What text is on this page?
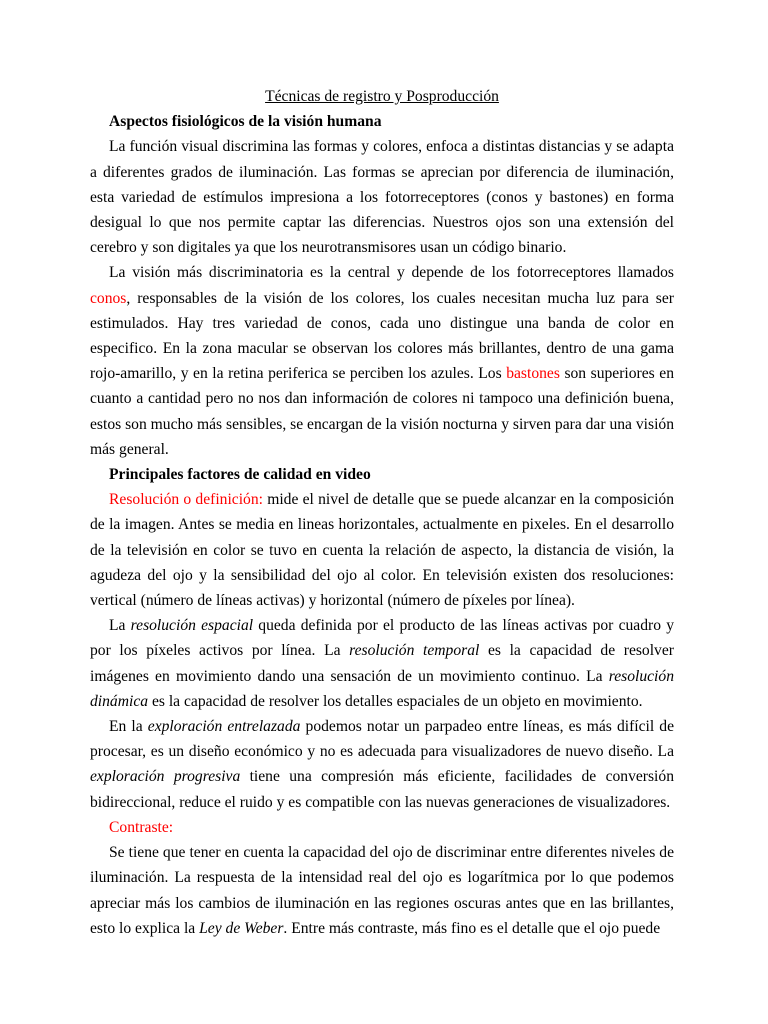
Técnicas de registro y Posproducción

Aspectos fisiológicos de la visión humana

La función visual discrimina las formas y colores, enfoca a distintas distancias y se adapta a diferentes grados de iluminación. Las formas se aprecian por diferencia de iluminación, esta variedad de estímulos impresiona a los fotorreceptores (conos y bastones) en forma desigual lo que nos permite captar las diferencias. Nuestros ojos son una extensión del cerebro y son digitales ya que los neurotransmisores usan un código binario.

La visión más discriminatoria es la central y depende de los fotorreceptores llamados conos, responsables de la visión de los colores, los cuales necesitan mucha luz para ser estimulados. Hay tres variedad de conos, cada uno distingue una banda de color en especifico. En la zona macular se observan los colores más brillantes, dentro de una gama rojo-amarillo, y en la retina periferica se perciben los azules. Los bastones son superiores en cuanto a cantidad pero no nos dan información de colores ni tampoco una definición buena, estos son mucho más sensibles, se encargan de la visión nocturna y sirven para dar una visión más general.

Principales factores de calidad en video

Resolución o definición: mide el nivel de detalle que se puede alcanzar en la composición de la imagen. Antes se media en lineas horizontales, actualmente en pixeles. En el desarrollo de la televisión en color se tuvo en cuenta la relación de aspecto, la distancia de visión, la agudeza del ojo y la sensibilidad del ojo al color. En televisión existen dos resoluciones: vertical (número de líneas activas) y horizontal (número de píxeles por línea).

La resolución espacial queda definida por el producto de las líneas activas por cuadro y por los píxeles activos por línea. La resolución temporal es la capacidad de resolver imágenes en movimiento dando una sensación de un movimiento continuo. La resolución dinámica es la capacidad de resolver los detalles espaciales de un objeto en movimiento.

En la exploración entrelazada podemos notar un parpadeo entre líneas, es más difícil de procesar, es un diseño económico y no es adecuada para visualizadores de nuevo diseño. La exploración progresiva tiene una compresión más eficiente, facilidades de conversión bidireccional, reduce el ruido y es compatible con las nuevas generaciones de visualizadores.

Contraste:

Se tiene que tener en cuenta la capacidad del ojo de discriminar entre diferentes niveles de iluminación. La respuesta de la intensidad real del ojo es logarítmica por lo que podemos apreciar más los cambios de iluminación en las regiones oscuras antes que en las brillantes, esto lo explica la Ley de Weber. Entre más contraste, más fino es el detalle que el ojo puede
